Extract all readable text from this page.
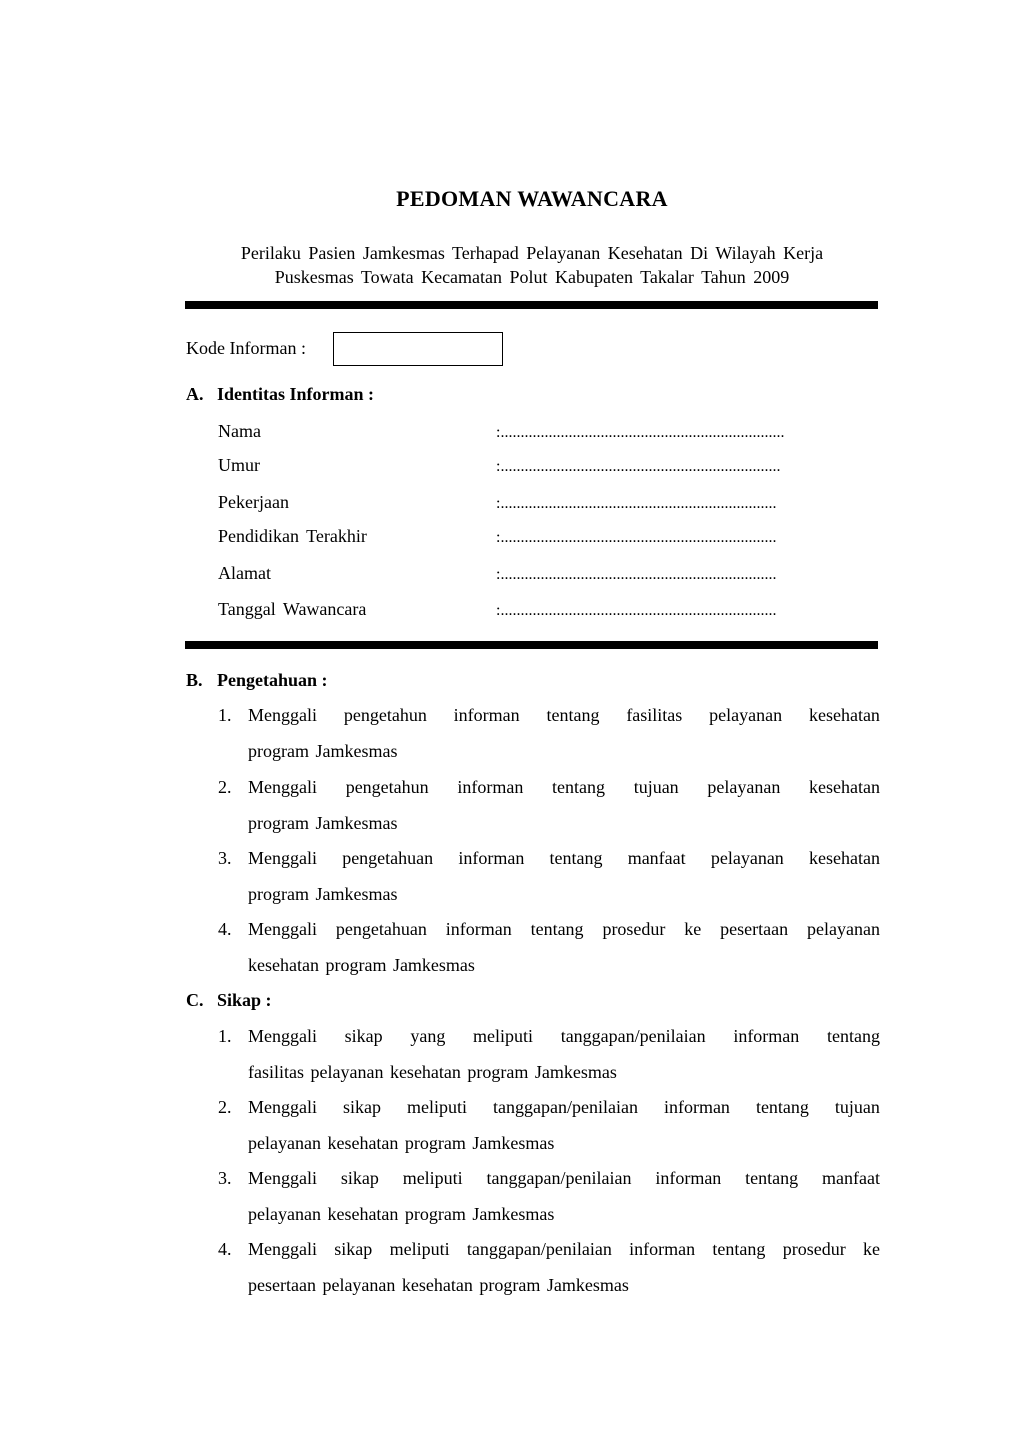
PEDOMAN WAWANCARA
Perilaku Pasien Jamkesmas Terhapad Pelayanan Kesehatan Di Wilayah Kerja
Puskesmas Towata Kecamatan Polut Kabupaten Takalar Tahun 2009
Kode Informan :
A. Identitas Informan :
Nama	:.......................................................................
Umur	:......................................................................
Pekerjaan	:.....................................................................
Pendidikan Terakhir	:.....................................................................
Alamat	:.....................................................................
Tanggal Wawancara	:.....................................................................
B. Pengetahuan :
1. Menggali pengetahun informan tentang fasilitas pelayanan kesehatan
program Jamkesmas
2. Menggali pengetahun informan tentang tujuan pelayanan kesehatan
program Jamkesmas
3. Menggali pengetahuan informan tentang manfaat pelayanan kesehatan
program Jamkesmas
4. Menggali pengetahuan informan tentang prosedur ke pesertaan pelayanan
kesehatan program Jamkesmas
C. Sikap :
1. Menggali sikap yang meliputi tanggapan/penilaian informan tentang
fasilitas pelayanan kesehatan program Jamkesmas
2. Menggali sikap meliputi tanggapan/penilaian informan tentang tujuan
pelayanan kesehatan program Jamkesmas
3. Menggali sikap meliputi tanggapan/penilaian informan tentang manfaat
pelayanan kesehatan program Jamkesmas
4. Menggali sikap meliputi tanggapan/penilaian informan tentang prosedur ke
pesertaan pelayanan kesehatan program Jamkesmas
